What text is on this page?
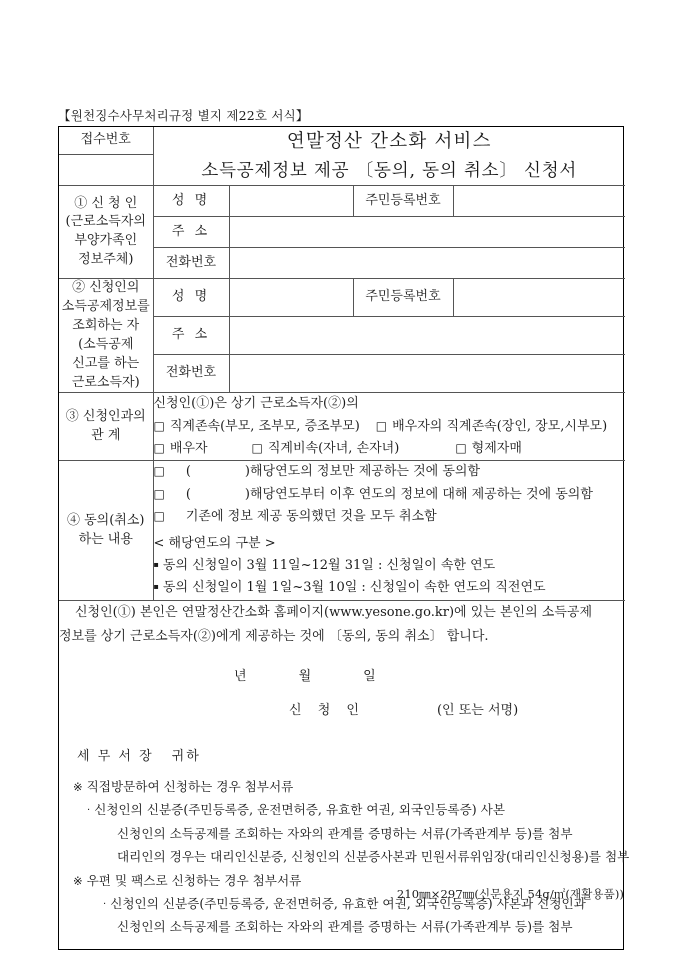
【원천징수사무처리규정 별지 제22호 서식】
접수번호	연말정산 간소화 서비스
소득공제정보 제공 〔동의, 동의 취소〕 신청서			

① 신 청 인
(근로소득자의
부양가족인
정보주체)	성 명		주민등록번호	
	주 소			
	전화번호			

② 신청인의
소득공제정보를
조회하는 자
(소득공제
신고를 하는
근로소득자)
	성 명		주민등록번호	
	주 소			
	전화번호			

③ 신청인과의
관 계

신청인(①)은 상기 근로소득자(②)의
□ 직계존속(부모, 조부모, 증조부모) □ 배우자의 직계존속(장인, 장모,시부모)
□ 배우자	□ 직계비속(자녀, 손자녀)	□ 형제자매

④ 동의(취소)
하는 내용

□ (	)해당연도의 정보만 제공하는 것에 동의함
□ (	)해당연도부터 이후 연도의 정보에 대해 제공하는 것에 동의함
□ 기존에 정보 제공 동의했던 것을 모두 취소함
< 해당연도의 구분 >
▪ 동의 신청일이 3월 11일~12월 31일 : 신청일이 속한 연도
▪ 동의 신청일이 1월 1일~3월 10일 : 신청일이 속한 연도의 직전연도

신청인(①) 본인은 연말정산간소화 홈페이지(www.yesone.go.kr)에 있는 본인의 소득공제

정보를 상기 근로소득자(②)에게 제공하는 것에 〔동의, 동의 취소〕 합니다.

년	월	일
신 청 인	(인 또는 서명)
세 무 서 장 귀하
※ 직접방문하여 신청하는 경우 첨부서류
· 신청인의 신분증(주민등록증, 운전면허증, 유효한 여권, 외국인등록증) 사본
신청인의 소득공제를 조회하는 자와의 관계를 증명하는 서류(가족관계부 등)를 첨부
대리인의 경우는 대리인신분증, 신청인의 신분증사본과 민원서류위임장(대리인신청용)를 첨부
※ 우편 및 팩스로 신청하는 경우 첨부서류
· 신청인의 신분증(주민등록증, 운전면허증, 유효한 여권, 외국인등록증) 사본과 신청인과
신청인의 소득공제를 조회하는 자와의 관계를 증명하는 서류(가족관계부 등)를 첨부
210㎜×297㎜(신문용지 54g/㎡(재활용품))
